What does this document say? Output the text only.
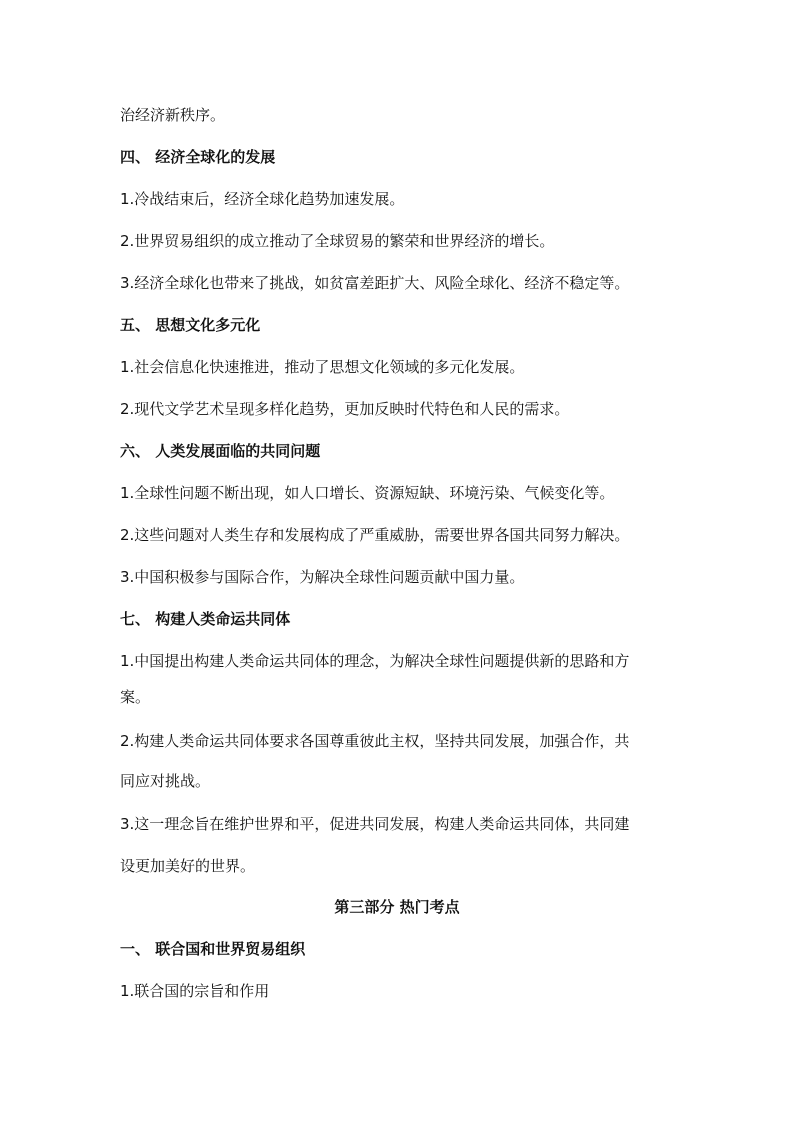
治经济新秩序。
四、 经济全球化的发展
1.冷战结束后，经济全球化趋势加速发展。
2.世界贸易组织的成立推动了全球贸易的繁荣和世界经济的增长。
3.经济全球化也带来了挑战，如贫富差距扩大、风险全球化、经济不稳定等。
五、 思想文化多元化
1.社会信息化快速推进，推动了思想文化领域的多元化发展。
2.现代文学艺术呈现多样化趋势，更加反映时代特色和人民的需求。
六、 人类发展面临的共同问题
1.全球性问题不断出现，如人口增长、资源短缺、环境污染、气候变化等。
2.这些问题对人类生存和发展构成了严重威胁，需要世界各国共同努力解决。
3.中国积极参与国际合作，为解决全球性问题贡献中国力量。
七、 构建人类命运共同体
1.中国提出构建人类命运共同体的理念，为解决全球性问题提供新的思路和方
案。
2.构建人类命运共同体要求各国尊重彼此主权，坚持共同发展，加强合作，共
同应对挑战。
3.这一理念旨在维护世界和平，促进共同发展，构建人类命运共同体，共同建
设更加美好的世界。
第三部分 热门考点
一、 联合国和世界贸易组织
1.联合国的宗旨和作用
